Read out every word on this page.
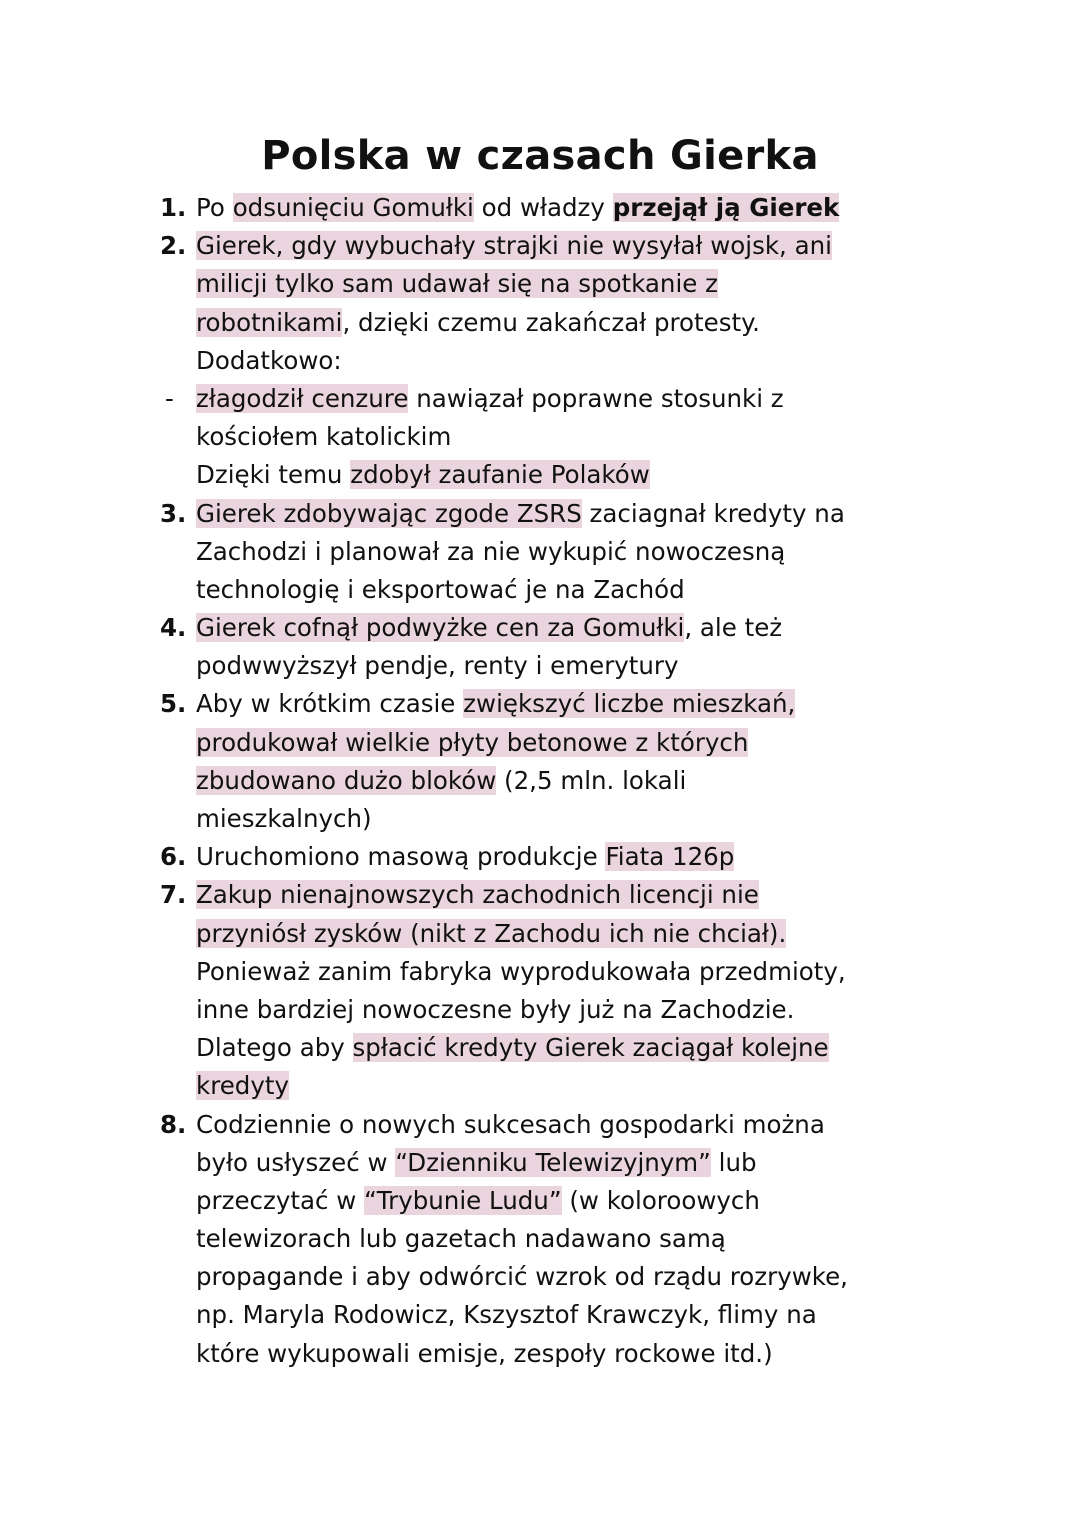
Polska w czasach Gierka
1. Po odsunięciu Gomułki od władzy przejął ją Gierek
2. Gierek, gdy wybuchały strajki nie wysyłał wojsk, ani
milicji tylko sam udawał się na spotkanie z
robotnikami, dzięki czemu zakańczał protesty.
Dodatkowo:
- złagodził cenzure nawiązał poprawne stosunki z
kościołem katolickim
Dzięki temu zdobył zaufanie Polaków
3. Gierek zdobywając zgode ZSRS zaciagnał kredyty na
Zachodzi i planował za nie wykupić nowoczesną
technologię i eksportować je na Zachód
4. Gierek cofnął podwyżke cen za Gomułki, ale też
podwwyższył pendje, renty i emerytury
5. Aby w krótkim czasie zwiększyć liczbe mieszkań,
produkował wielkie płyty betonowe z których
zbudowano dużo bloków (2,5 mln. lokali
mieszkalnych)
6. Uruchomiono masową produkcje Fiata 126p
7. Zakup nienajnowszych zachodnich licencji nie
przyniósł zysków (nikt z Zachodu ich nie chciał).
Ponieważ zanim fabryka wyprodukowała przedmioty,
inne bardziej nowoczesne były już na Zachodzie.
Dlatego aby spłacić kredyty Gierek zaciągał kolejne
kredyty
8. Codziennie o nowych sukcesach gospodarki można
było usłyszeć w “Dzienniku Telewizyjnym” lub
przeczytać w “Trybunie Ludu” (w koloroowych
telewizorach lub gazetach nadawano samą
propagande i aby odwórcić wzrok od rządu rozrywke,
np. Maryla Rodowicz, Kszysztof Krawczyk, flimy na
które wykupowali emisje, zespoły rockowe itd.)
